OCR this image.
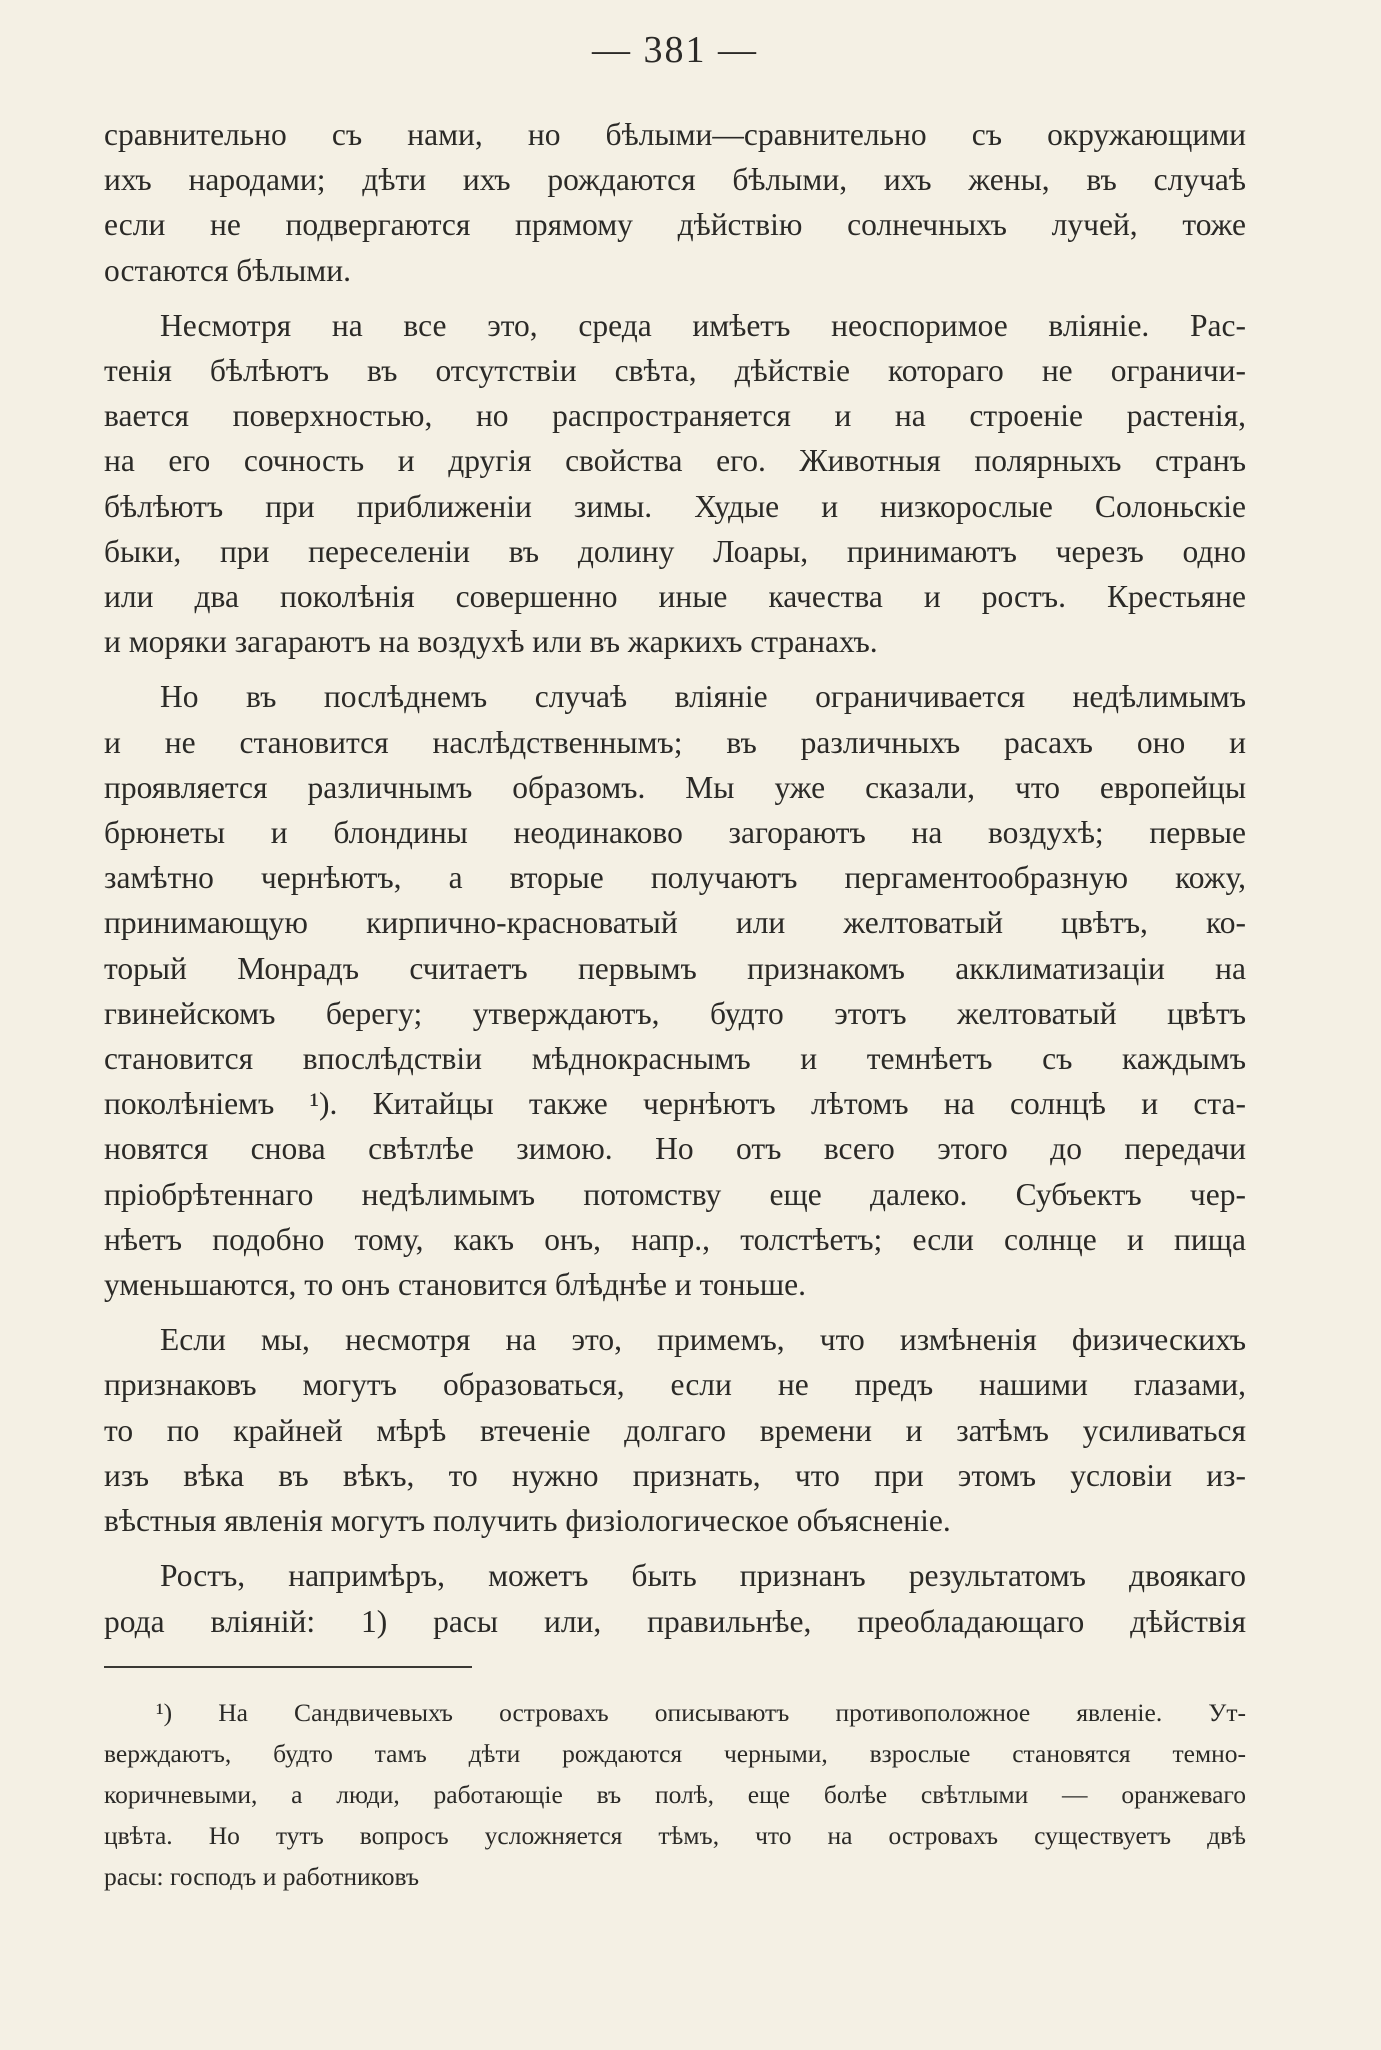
— 381 —

сравнительно съ нами, но бѣлыми—сравнительно съ окружающими
ихъ народами; дѣти ихъ рождаются бѣлыми, ихъ жены, въ случаѣ
если не подвергаются прямому дѣйствію солнечныхъ лучей, тоже
остаются бѣлыми.

Несмотря на все это, среда имѣетъ неоспоримое вліяніе. Рас-
тенія бѣлѣютъ въ отсутствіи свѣта, дѣйствіе котораго не ограничи-
вается поверхностью, но распространяется и на строеніе растенія,
на его сочность и другія свойства его. Животныя полярныхъ странъ
бѣлѣютъ при приближеніи зимы. Худые и низкорослые Солоньскіе
быки, при переселеніи въ долину Лоары, принимаютъ черезъ одно
или два поколѣнія совершенно иные качества и ростъ. Крестьяне
и моряки загараютъ на воздухѣ или въ жаркихъ странахъ.

Но въ послѣднемъ случаѣ вліяніе ограничивается недѣлимымъ
и не становится наслѣдственнымъ; въ различныхъ расахъ оно и
проявляется различнымъ образомъ. Мы уже сказали, что европейцы
брюнеты и блондины неодинаково загораютъ на воздухѣ; первые
замѣтно чернѣютъ, а вторые получаютъ пергаментообразную кожу,
принимающую кирпично-красноватый или желтоватый цвѣтъ, ко-
торый Монрадъ считаетъ первымъ признакомъ акклиматизаціи на
гвинейскомъ берегу; утверждаютъ, будто этотъ желтоватый цвѣтъ
становится впослѣдствіи мѣднокраснымъ и темнѣетъ съ каждымъ
поколѣніемъ ¹). Китайцы также чернѣютъ лѣтомъ на солнцѣ и ста-
новятся снова свѣтлѣе зимою. Но отъ всего этого до передачи
пріобрѣтеннаго недѣлимымъ потомству еще далеко. Субъектъ чер-
нѣетъ подобно тому, какъ онъ, напр., толстѣетъ; если солнце и пища
уменьшаются, то онъ становится блѣднѣе и тоньше.

Если мы, несмотря на это, примемъ, что измѣненія физическихъ
признаковъ могутъ образоваться, если не предъ нашими глазами,
то по крайней мѣрѣ втеченіе долгаго времени и затѣмъ усиливаться
изъ вѣка въ вѣкъ, то нужно признать, что при этомъ условіи из-
вѣстныя явленія могутъ получить физіологическое объясненіе.

Ростъ, напримѣръ, можетъ быть признанъ результатомъ двоякаго
рода вліяній: 1) расы или, правильнѣе, преобладающаго дѣйствія

¹) На Сандвичевыхъ островахъ описываютъ противоположное явленіе. Ут-
верждаютъ, будто тамъ дѣти рождаются черными, взрослые становятся темно-
коричневыми, а люди, работающіе въ полѣ, еще болѣе свѣтлыми — оранжеваго
цвѣта. Но тутъ вопросъ усложняется тѣмъ, что на островахъ существуетъ двѣ
расы: господъ и работниковъ
